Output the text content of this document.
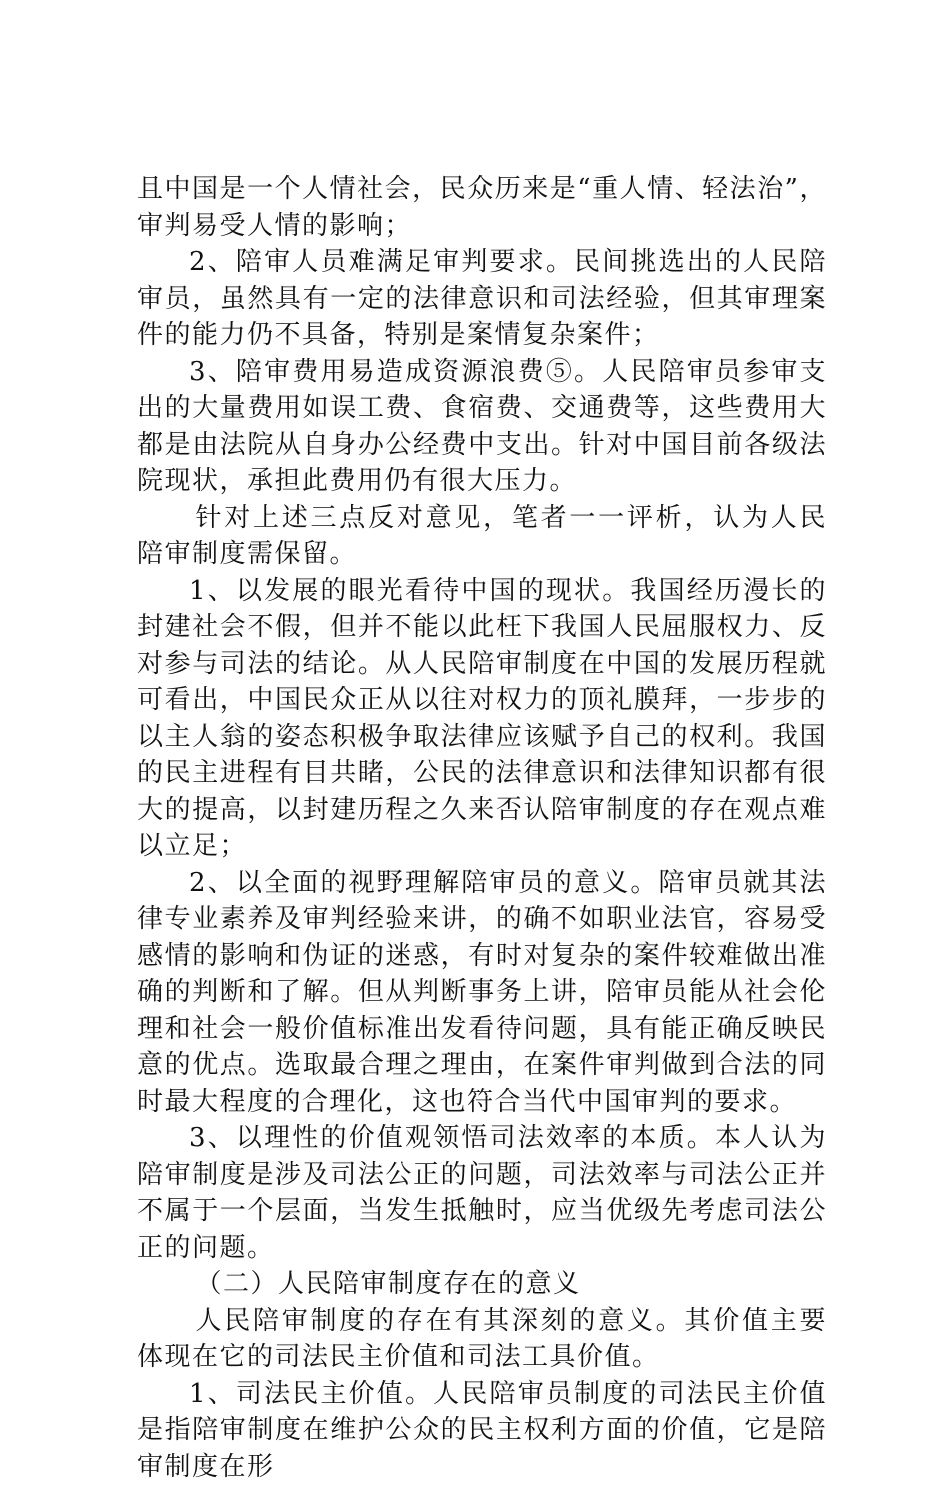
且中国是一个人情社会，民众历来是“重人情、轻法治”，审判易受人情的影响；

2、陪审人员难满足审判要求。民间挑选出的人民陪审员，虽然具有一定的法律意识和司法经验，但其审理案件的能力仍不具备，特别是案情复杂案件；

3、陪审费用易造成资源浪费⑤。人民陪审员参审支出的大量费用如误工费、食宿费、交通费等，这些费用大都是由法院从自身办公经费中支出。针对中国目前各级法院现状，承担此费用仍有很大压力。

针对上述三点反对意见，笔者一一评析，认为人民陪审制度需保留。

1、以发展的眼光看待中国的现状。我国经历漫长的封建社会不假，但并不能以此枉下我国人民屈服权力、反对参与司法的结论。从人民陪审制度在中国的发展历程就可看出，中国民众正从以往对权力的顶礼膜拜，一步步的以主人翁的姿态积极争取法律应该赋予自己的权利。我国的民主进程有目共睹，公民的法律意识和法律知识都有很大的提高，以封建历程之久来否认陪审制度的存在观点难以立足；

2、以全面的视野理解陪审员的意义。陪审员就其法律专业素养及审判经验来讲，的确不如职业法官，容易受感情的影响和伪证的迷惑，有时对复杂的案件较难做出准确的判断和了解。但从判断事务上讲，陪审员能从社会伦理和社会一般价值标准出发看待问题，具有能正确反映民意的优点。选取最合理之理由，在案件审判做到合法的同时最大程度的合理化，这也符合当代中国审判的要求。

3、以理性的价值观领悟司法效率的本质。本人认为陪审制度是涉及司法公正的问题，司法效率与司法公正并不属于一个层面，当发生抵触时，应当优级先考虑司法公正的问题。

（二）人民陪审制度存在的意义

人民陪审制度的存在有其深刻的意义。其价值主要体现在它的司法民主价值和司法工具价值。

1、司法民主价值。人民陪审员制度的司法民主价值是指陪审制度在维护公众的民主权利方面的价值，它是陪审制度在形
